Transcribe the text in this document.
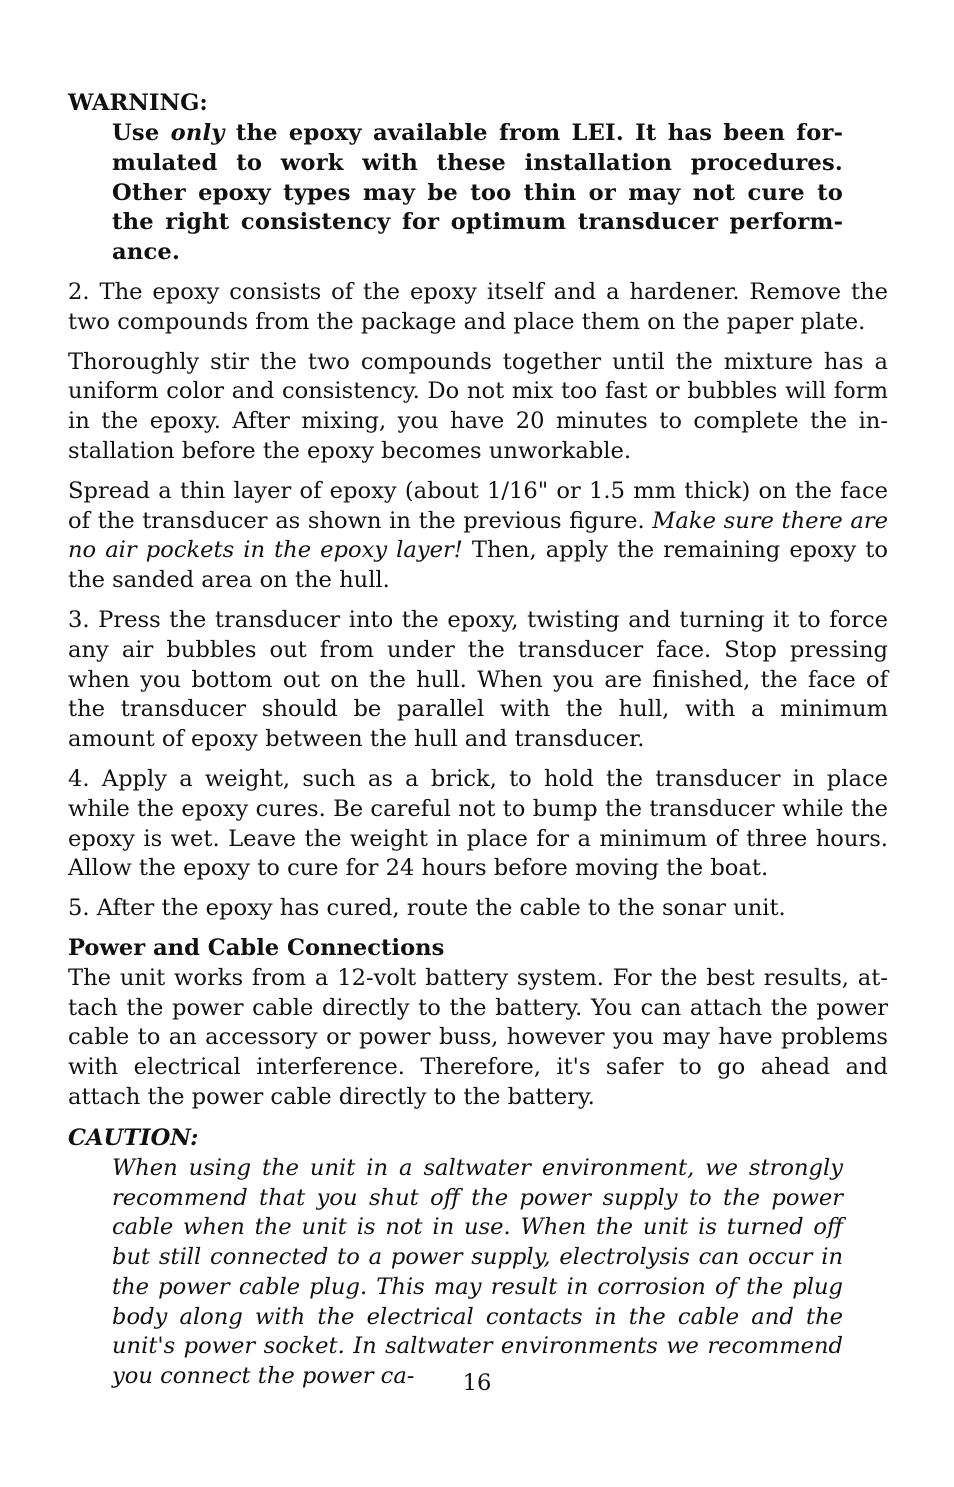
WARNING:
Use only the epoxy available from LEI. It has been formulated to work with these installation procedures. Other epoxy types may be too thin or may not cure to the right consistency for optimum transducer performance.

2. The epoxy consists of the epoxy itself and a hardener. Remove the two compounds from the package and place them on the paper plate.

Thoroughly stir the two compounds together until the mixture has a uniform color and consistency. Do not mix too fast or bubbles will form in the epoxy. After mixing, you have 20 minutes to complete the installation before the epoxy becomes unworkable.

Spread a thin layer of epoxy (about 1/16" or 1.5 mm thick) on the face of the transducer as shown in the previous figure. Make sure there are no air pockets in the epoxy layer! Then, apply the remaining epoxy to the sanded area on the hull.

3. Press the transducer into the epoxy, twisting and turning it to force any air bubbles out from under the transducer face. Stop pressing when you bottom out on the hull. When you are finished, the face of the transducer should be parallel with the hull, with a minimum amount of epoxy between the hull and transducer.

4. Apply a weight, such as a brick, to hold the transducer in place while the epoxy cures. Be careful not to bump the transducer while the epoxy is wet. Leave the weight in place for a minimum of three hours. Allow the epoxy to cure for 24 hours before moving the boat.

5. After the epoxy has cured, route the cable to the sonar unit.

Power and Cable Connections

The unit works from a 12-volt battery system. For the best results, attach the power cable directly to the battery. You can attach the power cable to an accessory or power buss, however you may have problems with electrical interference. Therefore, it's safer to go ahead and attach the power cable directly to the battery.

CAUTION:
When using the unit in a saltwater environment, we strongly recommend that you shut off the power supply to the power cable when the unit is not in use. When the unit is turned off but still connected to a power supply, electrolysis can occur in the power cable plug. This may result in corrosion of the plug body along with the electrical contacts in the cable and the unit's power socket. In saltwater environments we recommend you connect the power ca-	16
